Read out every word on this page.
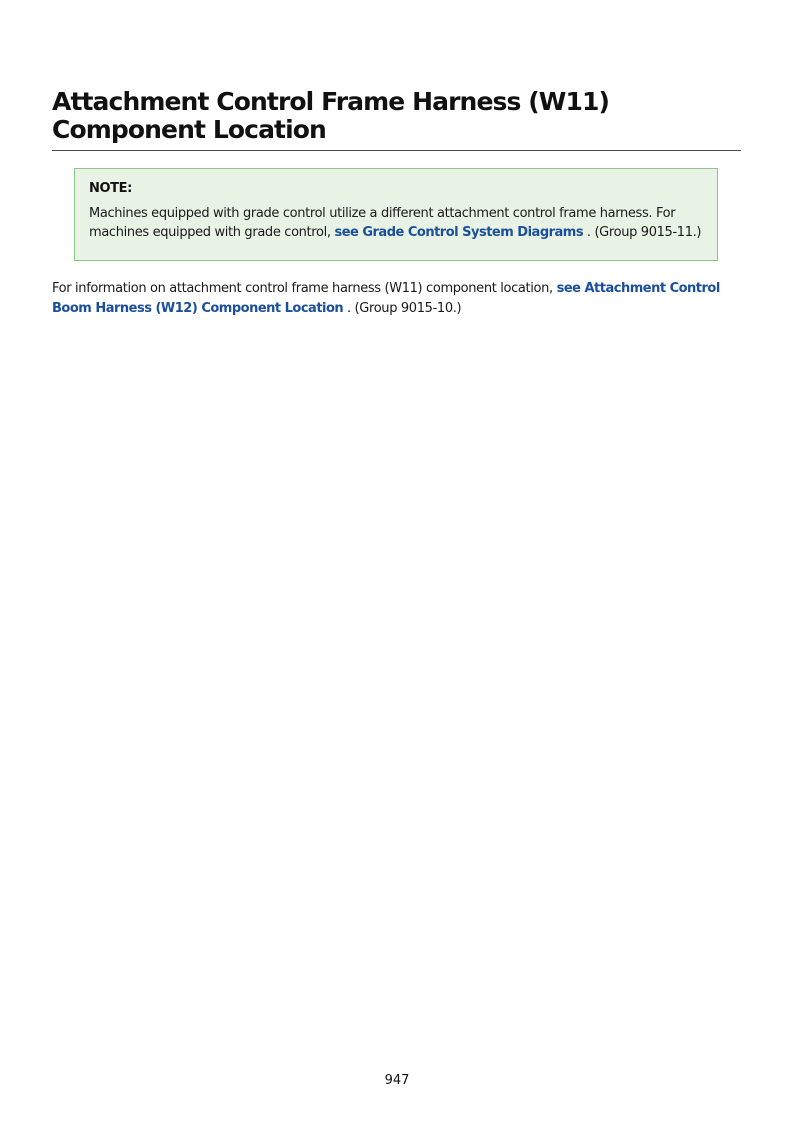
Attachment Control Frame Harness (W11) Component Location

NOTE:

Machines equipped with grade control utilize a different attachment control frame harness. For machines equipped with grade control, see Grade Control System Diagrams . (Group 9015-11.)

For information on attachment control frame harness (W11) component location, see Attachment Control Boom Harness (W12) Component Location . (Group 9015-10.)

947
